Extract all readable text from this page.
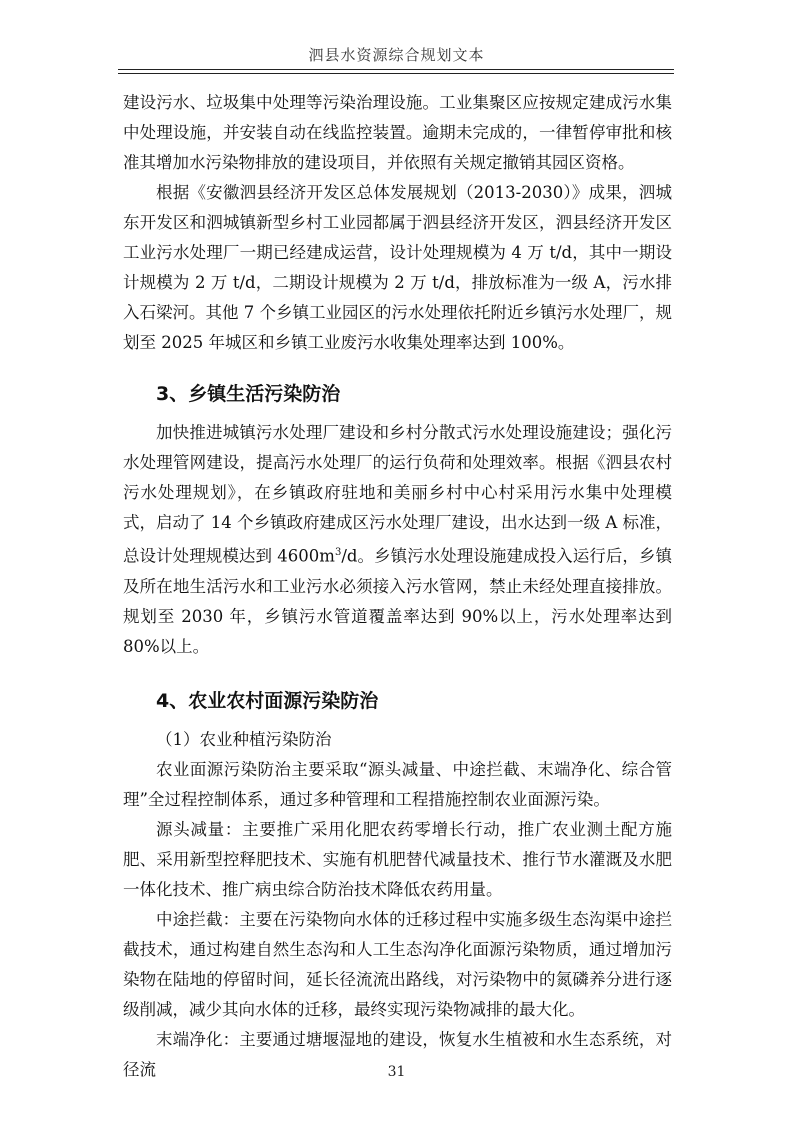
泗县水资源综合规划文本

建设污水、垃圾集中处理等污染治理设施。工业集聚区应按规定建成污水集中处理设施，并安装自动在线监控装置。逾期未完成的，一律暂停审批和核准其增加水污染物排放的建设项目，并依照有关规定撤销其园区资格。

根据《安徽泗县经济开发区总体发展规划（2013-2030）》成果，泗城东开发区和泗城镇新型乡村工业园都属于泗县经济开发区，泗县经济开发区工业污水处理厂一期已经建成运营，设计处理规模为 4 万 t/d，其中一期设计规模为 2 万 t/d，二期设计规模为 2 万 t/d，排放标准为一级 A，污水排入石梁河。其他 7 个乡镇工业园区的污水处理依托附近乡镇污水处理厂，规划至 2025 年城区和乡镇工业废污水收集处理率达到 100%。

3、乡镇生活污染防治

加快推进城镇污水处理厂建设和乡村分散式污水处理设施建设；强化污水处理管网建设，提高污水处理厂的运行负荷和处理效率。根据《泗县农村污水处理规划》，在乡镇政府驻地和美丽乡村中心村采用污水集中处理模式，启动了 14 个乡镇政府建成区污水处理厂建设，出水达到一级 A 标准，总设计处理规模达到 $4600m^3/d$。乡镇污水处理设施建成投入运行后，乡镇及所在地生活污水和工业污水必须接入污水管网，禁止未经处理直接排放。规划至 2030 年，乡镇污水管道覆盖率达到 90%以上，污水处理率达到 80%以上。

4、农业农村面源污染防治

（1）农业种植污染防治

农业面源污染防治主要采取“源头减量、中途拦截、末端净化、综合管理”全过程控制体系，通过多种管理和工程措施控制农业面源污染。

源头减量：主要推广采用化肥农药零增长行动，推广农业测土配方施肥、采用新型控释肥技术、实施有机肥替代减量技术、推行节水灌溉及水肥一体化技术、推广病虫综合防治技术降低农药用量。

中途拦截：主要在污染物向水体的迁移过程中实施多级生态沟渠中途拦截技术，通过构建自然生态沟和人工生态沟净化面源污染物质，通过增加污染物在陆地的停留时间，延长径流流出路线，对污染物中的氮磷养分进行逐级削减，减少其向水体的迁移，最终实现污染物减排的最大化。

末端净化：主要通过塘堰湿地的建设，恢复水生植被和水生态系统，对径流	31
